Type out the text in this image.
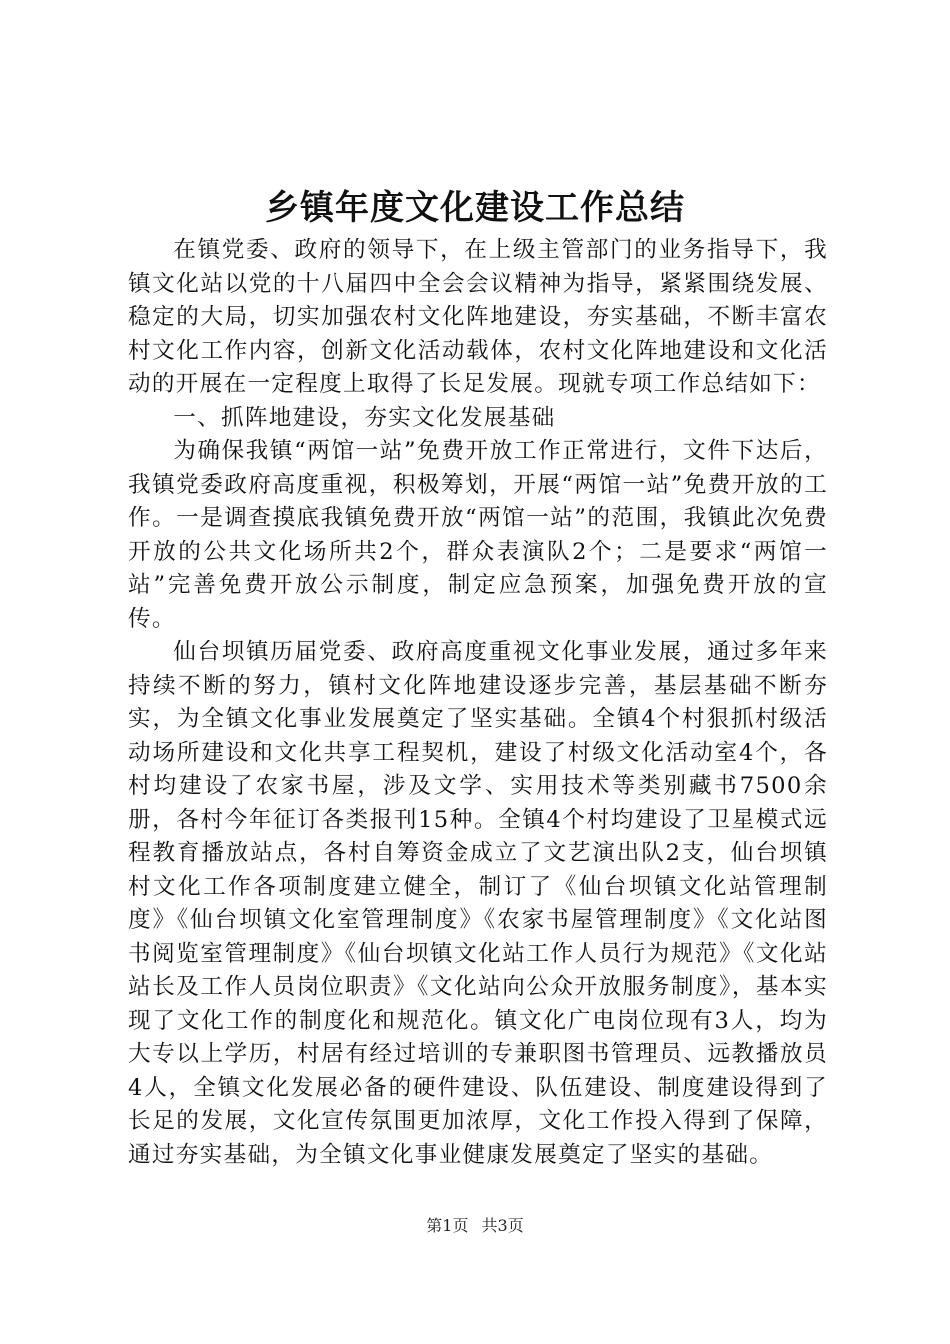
乡镇年度文化建设工作总结

在镇党委、政府的领导下，在上级主管部门的业务指导下，我镇文化站以党的十八届四中全会会议精神为指导，紧紧围绕发展、稳定的大局，切实加强农村文化阵地建设，夯实基础，不断丰富农村文化工作内容，创新文化活动载体，农村文化阵地建设和文化活动的开展在一定程度上取得了长足发展。现就专项工作总结如下：

一、抓阵地建设，夯实文化发展基础

为确保我镇“两馆一站”免费开放工作正常进行，文件下达后，我镇党委政府高度重视，积极筹划，开展“两馆一站”免费开放的工作。一是调查摸底我镇免费开放“两馆一站”的范围，我镇此次免费开放的公共文化场所共2个，群众表演队2个；二是要求“两馆一站”完善免费开放公示制度，制定应急预案，加强免费开放的宣传。

仙台坝镇历届党委、政府高度重视文化事业发展，通过多年来持续不断的努力，镇村文化阵地建设逐步完善，基层基础不断夯实，为全镇文化事业发展奠定了坚实基础。全镇4个村狠抓村级活动场所建设和文化共享工程契机，建设了村级文化活动室4个，各村均建设了农家书屋，涉及文学、实用技术等类别藏书7500余册，各村今年征订各类报刊15种。全镇4个村均建设了卫星模式远程教育播放站点，各村自筹资金成立了文艺演出队2支，仙台坝镇村文化工作各项制度建立健全，制订了《仙台坝镇文化站管理制度》《仙台坝镇文化室管理制度》《农家书屋管理制度》《文化站图书阅览室管理制度》《仙台坝镇文化站工作人员行为规范》《文化站站长及工作人员岗位职责》《文化站向公众开放服务制度》，基本实现了文化工作的制度化和规范化。镇文化广电岗位现有3人，均为大专以上学历，村居有经过培训的专兼职图书管理员、远教播放员4人，全镇文化发展必备的硬件建设、队伍建设、制度建设得到了长足的发展，文化宣传氛围更加浓厚，文化工作投入得到了保障，通过夯实基础，为全镇文化事业健康发展奠定了坚实的基础。

第1页 共3页
